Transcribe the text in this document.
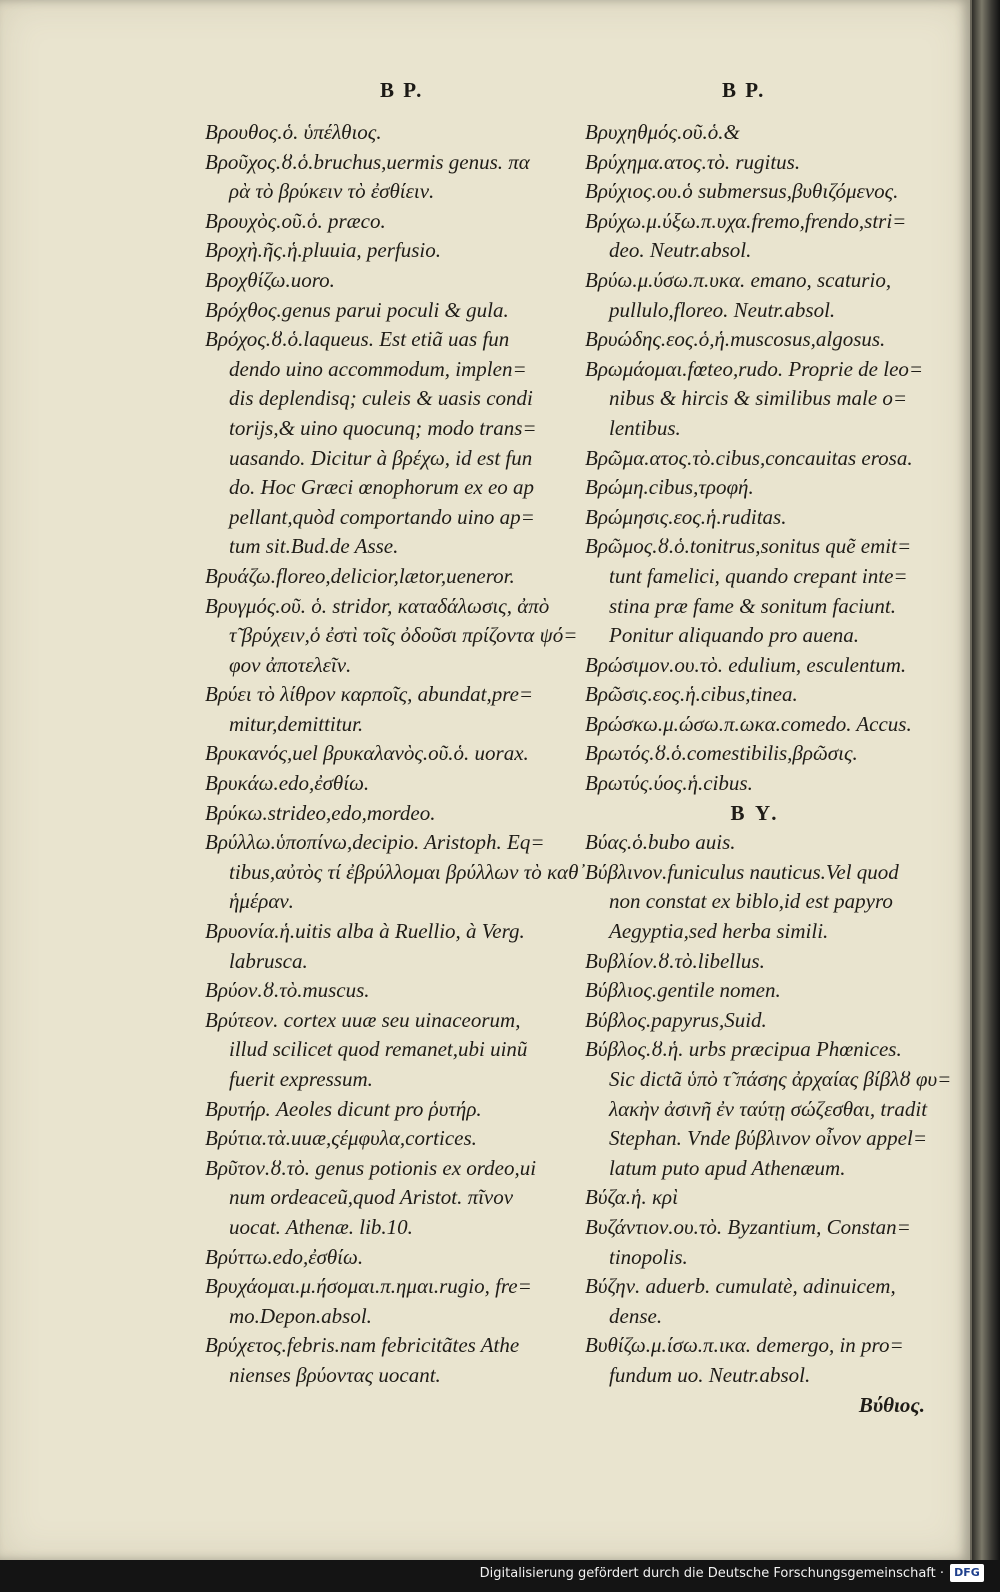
B P.	B P.
Βρουθος.ὁ. ὑπέλθιος.
Βροῦχος.ȣ.ὁ.bruchus,uermis genus. πα
ρὰ τὸ βρύκειν τὸ ἐσθίειν.
Βρουχὸς.οῦ.ὁ. præco.
Βροχὴ.ῆς.ἡ.pluuia, perfusio.
Βροχθίζω.uoro.
Βρόχθος.genus parui poculi & gula.
Βρόχος.ȣ.ὁ.laqueus. Est etiã uas fun
dendo uino accommodum, implen=
dis deplendisq; culeis & uasis condi
torijs,& uino quocunq; modo trans=
uasando. Dicitur à βρέχω, id est fun
do. Hoc Græci œnophorum ex eo ap
pellant,quòd comportando uino ap=
tum sit.Bud.de Asse.
Βρυάζω.floreo,delicior,lætor,ueneror.
Βρυγμός.οῦ. ὁ. stridor, καταδάλωσις, ἀπὸ
τ̃ βρύχειν,ὁ ἐστὶ τοῖς ὀδοῦσι πρίζοντα ψό=
φον ἀποτελεῖν.
Βρύει τὸ λίθρον καρποῖς, abundat,pre=
mitur,demittitur.
Βρυκανός,uel βρυκαλανὸς.οῦ.ὁ. uorax.
Βρυκάω.edo,ἐσθίω.
Βρύκω.strideo,edo,mordeo.
Βρύλλω.ὑποπίνω,decipio. Aristoph. Eq=
tibus,αὐτὸς τί ἐβρύλλομαι βρύλλων τὸ καθ᾽
ἡμέραν.
Βρυονία.ἡ.uitis alba à Ruellio, à Verg.
labrusca.
Βρύον.ȣ.τὸ.muscus.
Βρύτεον. cortex uuæ seu uinaceorum,
illud scilicet quod remanet,ubi uinũ
fuerit expressum.
Βρυτήρ. Aeoles dicunt pro ῥυτήρ.
Βρύτια.τὰ.uuæ,ςέμφυλα,cortices.
Βρῦτον.ȣ.τὸ. genus potionis ex ordeo,ui
num ordeaceũ,quod Aristot. πῖνον
uocat. Athenæ. lib.10.
Βρύττω.edo,ἐσθίω.
Βρυχάομαι.μ.ήσομαι.π.ημαι.rugio, fre=
mo.Depon.absol.
Βρύχετος.febris.nam febricitãtes Athe
nienses βρύοντας uocant.
Βρυχηθμός.οῦ.ὁ.&
Βρύχημα.ατος.τὸ. rugitus.
Βρύχιος.ου.ὁ submersus,βυθιζόμενος.
Βρύχω.μ.ύξω.π.υχα.fremo,frendo,stri=
deo. Neutr.absol.
Βρύω.μ.ύσω.π.υκα. emano, scaturio,
pullulo,floreo. Neutr.absol.
Βρυώδης.εος.ὁ,ἡ.muscosus,algosus.
Βρωμάομαι.fœteo,rudo. Proprie de leo=
nibus & hircis & similibus male o=
lentibus.
Βρῶμα.ατος.τὸ.cibus,concauitas erosa.
Βρώμη.cibus,τροφή.
Βρώμησις.εος.ἡ.ruditas.
Βρῶμος.ȣ.ὁ.tonitrus,sonitus quẽ emit=
tunt famelici, quando crepant inte=
stina præ fame & sonitum faciunt.
Ponitur aliquando pro auena.
Βρώσιμον.ου.τὸ. edulium, esculentum.
Βρῶσις.εος.ἡ.cibus,tinea.
Βρώσκω.μ.ώσω.π.ωκα.comedo. Accus.
Βρωτός.ȣ.ὁ.comestibilis,βρῶσις.
Βρωτύς.ύος.ἡ.cibus.
B Y.
Βύας.ὁ.bubo auis.
Βύβλινον.funiculus nauticus.Vel quod
non constat ex biblo,id est papyro
Aegyptia,sed herba simili.
Βυβλίον.ȣ.τὸ.libellus.
Βύβλιος.gentile nomen.
Βύβλος.papyrus,Suid.
Βύβλος.ȣ.ἡ. urbs præcipua Phœnices.
Sic dictã ὑπὸ τ̃ πάσης ἀρχαίας βίβλȣ φυ=
λακὴν ἀσινῆ ἐν ταύτῃ σώζεσθαι, tradit
Stephan. Vnde βύβλινον οἶνον appel=
latum puto apud Athenæum.
Βύζα.ἡ. κρὶ
Βυζάντιον.ου.τὸ. Byzantium, Constan=
tinopolis.
Βύζην. aduerb. cumulatè, adinuicem,
dense.
Βυθίζω.μ.ίσω.π.ικα. demergo, in pro=
fundum uo. Neutr.absol.
Βύθιος.
Digitalisierung gefördert durch die Deutsche Forschungsgemeinschaft · DFG
